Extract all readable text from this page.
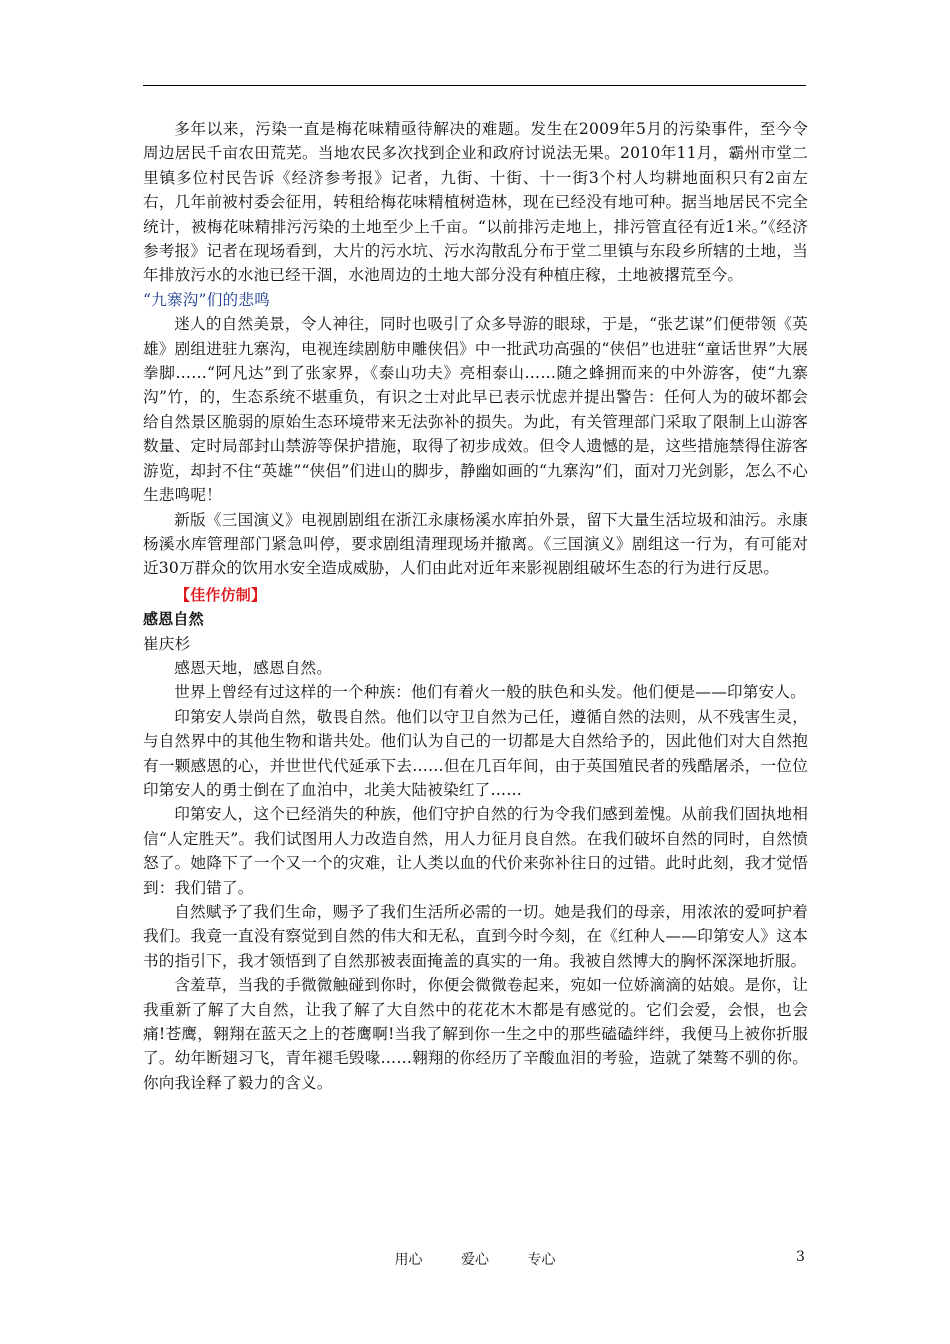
多年以来，污染一直是梅花味精亟待解决的难题。发生在2009年5月的污染事件，至今令周边居民千亩农田荒芜。当地农民多次找到企业和政府讨说法无果。2010年11月，霸州市堂二里镇多位村民告诉《经济参考报》记者，九街、十街、十一街3个村人均耕地面积只有2亩左右，几年前被村委会征用，转租给梅花味精植树造林，现在已经没有地可种。据当地居民不完全统计，被梅花味精排污污染的土地至少上千亩。“以前排污走地上，排污管直径有近1米。”《经济参考报》记者在现场看到，大片的污水坑、污水沟散乱分布于堂二里镇与东段乡所辖的土地，当年排放污水的水池已经干涸，水池周边的土地大部分没有种植庄稼，土地被撂荒至今。

“九寨沟”们的悲鸣

迷人的自然美景，令人神往，同时也吸引了众多导游的眼球，于是，“张艺谋”们便带领《英雄》剧组进驻九寨沟，电视连续剧舫申雕侠侣》中一批武功高强的“侠侣”也进驻“童话世界”大展拳脚……“阿凡达”到了张家界，《泰山功夫》亮相泰山……随之蜂拥而来的中外游客，使“九寨沟”竹，的，生态系统不堪重负，有识之士对此早已表示忧虑并提出警告：任何人为的破坏都会给自然景区脆弱的原始生态环境带来无法弥补的损失。为此，有关管理部门采取了限制上山游客数量、定时局部封山禁游等保护措施，取得了初步成效。但令人遗憾的是，这些措施禁得住游客游览，却封不住“英雄”“侠侣”们进山的脚步，静幽如画的“九寨沟”们，面对刀光剑影，怎么不心生悲鸣呢！

新版《三国演义》电视剧剧组在浙江永康杨溪水库拍外景，留下大量生活垃圾和油污。永康杨溪水库管理部门紧急叫停，要求剧组清理现场并撤离。《三国演义》剧组这一行为，有可能对近30万群众的饮用水安全造成威胁，人们由此对近年来影视剧组破坏生态的行为进行反思。

【佳作仿制】

感恩自然

崔庆杉

感恩天地，感恩自然。

世界上曾经有过这样的一个种族：他们有着火一般的肤色和头发。他们便是——印第安人。

印第安人崇尚自然，敬畏自然。他们以守卫自然为己任，遵循自然的法则，从不残害生灵，与自然界中的其他生物和谐共处。他们认为自己的一切都是大自然给予的，因此他们对大自然抱有一颗感恩的心，并世世代代延承下去……但在几百年间，由于英国殖民者的残酷屠杀，一位位印第安人的勇士倒在了血泊中，北美大陆被染红了……

印第安人，这个已经消失的种族，他们守护自然的行为令我们感到羞愧。从前我们固执地相信“人定胜天”。我们试图用人力改造自然，用人力征月良自然。在我们破坏自然的同时，自然愤怒了。她降下了一个又一个的灾难，让人类以血的代价来弥补往日的过错。此时此刻，我才觉悟到：我们错了。

自然赋予了我们生命，赐予了我们生活所必需的一切。她是我们的母亲，用浓浓的爱呵护着我们。我竟一直没有察觉到自然的伟大和无私，直到今时今刻，在《红种人——印第安人》这本书的指引下，我才领悟到了自然那被表面掩盖的真实的一角。我被自然博大的胸怀深深地折服。

含羞草，当我的手微微触碰到你时，你便会微微卷起来，宛如一位娇滴滴的姑娘。是你，让我重新了解了大自然，让我了解了大自然中的花花木木都是有感觉的。它们会爱，会恨，也会痛!苍鹰，翱翔在蓝天之上的苍鹰啊!当我了解到你一生之中的那些磕磕绊绊，我便马上被你折服了。幼年断翅习飞，青年褪毛毁喙……翱翔的你经历了辛酸血泪的考验，造就了桀骜不驯的你。你向我诠释了毅力的含义。

用心	爱心	专心	3
